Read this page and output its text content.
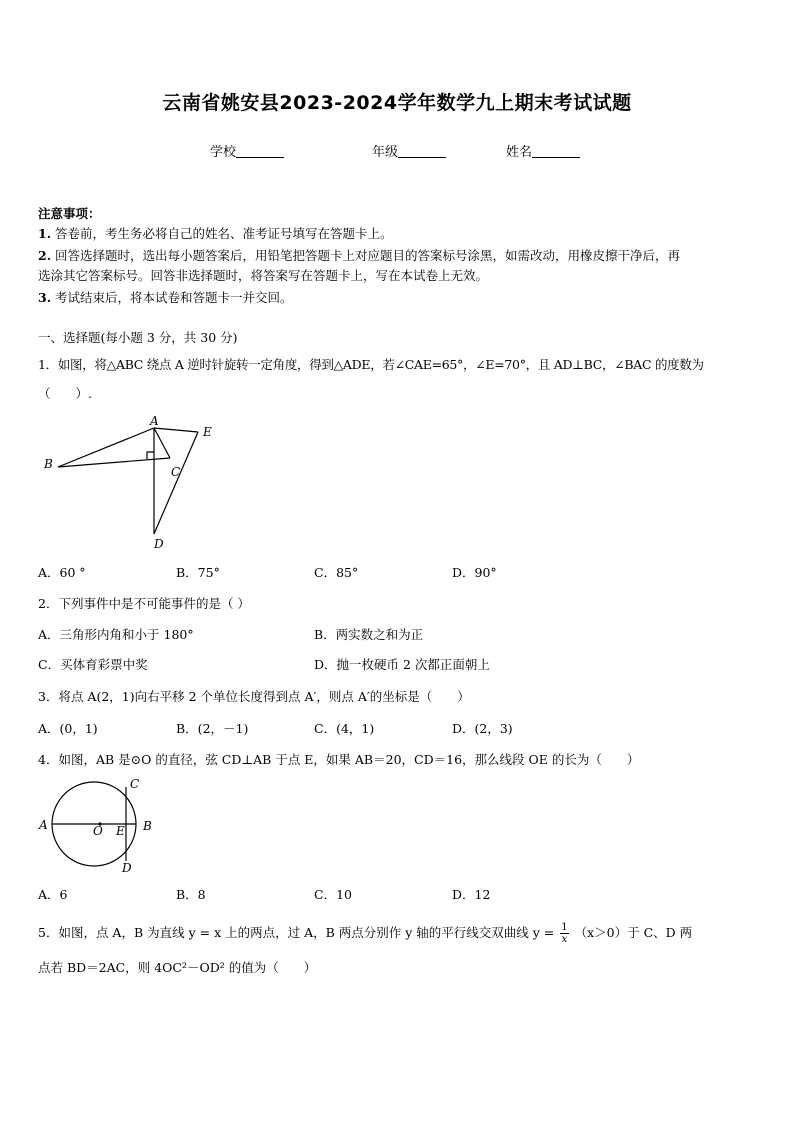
云南省姚安县2023-2024学年数学九上期末考试试题
学校	年级	姓名
注意事项：
1. 答卷前，考生务必将自己的姓名、准考证号填写在答题卡上。
2. 回答选择题时，选出每小题答案后，用铅笔把答题卡上对应题目的答案标号涂黑，如需改动，用橡皮擦干净后，再
选涂其它答案标号。回答非选择题时，将答案写在答题卡上，写在本试卷上无效。
3. 考试结束后，将本试卷和答题卡一并交回。
一、选择题(每小题 3 分，共 30 分)
1．如图，将△ABC 绕点 A 逆时针旋转一定角度，得到△ADE，若∠CAE=65°，∠E=70°，且 AD⊥BC，∠BAC 的度数为
（　　）.
A
B
C
D
E
A．60 °	B．75°	C．85°	D．90°
2．下列事件中是不可能事件的是（ ）
A．三角形内角和小于 180°	B．两实数之和为正
C．买体育彩票中奖	D．抛一枚硬币 2 次都正面朝上
3．将点 A(2，1)向右平移 2 个单位长度得到点 A′，则点 A′的坐标是（　　）
A．(0，1)	B．(2，－1)	C．(4，1)	D．(2，3)
4．如图，AB 是⊙O 的直径，弦 CD⊥AB 于点 E，如果 AB＝20，CD＝16，那么线段 OE 的长为（　　）
A	B
C
D
E
O
A．6	B．8	C．10	D．12
5．如图，点 A，B 为直线 y = x 上的两点，过 A，B 两点分别作 y 轴的平行线交双曲线 $y = \frac{1}{x} (x>0)$于 C、D 两
点若 BD＝2AC，则 4OC²－OD² 的值为（　　）
